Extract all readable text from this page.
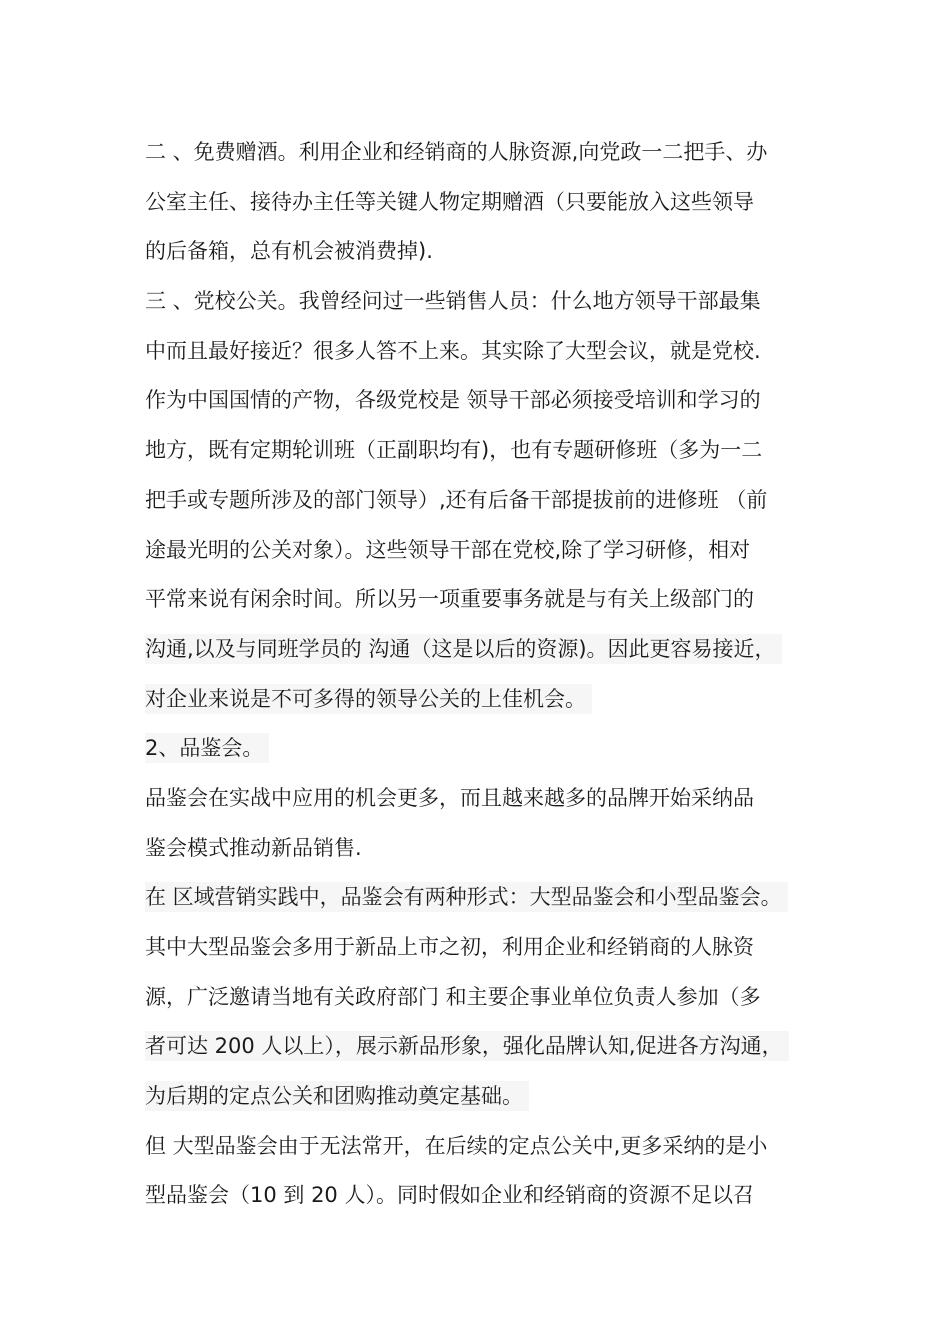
二 、免费赠酒。利用企业和经销商的人脉资源,向党政一二把手、办
公室主任、接待办主任等关键人物定期赠酒（只要能放入这些领导
的后备箱，总有机会被消费掉).
三 、党校公关。我曾经问过一些销售人员：什么地方领导干部最集
中而且最好接近？很多人答不上来。其实除了大型会议，就是党校.
作为中国国情的产物，各级党校是 领导干部必须接受培训和学习的
地方，既有定期轮训班（正副职均有)，也有专题研修班（多为一二
把手或专题所涉及的部门领导）,还有后备干部提拔前的进修班 （前
途最光明的公关对象）。这些领导干部在党校,除了学习研修，相对
平常来说有闲余时间。所以另一项重要事务就是与有关上级部门的
沟通,以及与同班学员的 沟通（这是以后的资源)。因此更容易接近，
对企业来说是不可多得的领导公关的上佳机会。
2、品鉴会。
品鉴会在实战中应用的机会更多，而且越来越多的品牌开始采纳品
鉴会模式推动新品销售.
在 区域营销实践中，品鉴会有两种形式：大型品鉴会和小型品鉴会。
其中大型品鉴会多用于新品上市之初，利用企业和经销商的人脉资
源，广泛邀请当地有关政府部门 和主要企事业单位负责人参加（多
者可达 200 人以上），展示新品形象，强化品牌认知,促进各方沟通，
为后期的定点公关和团购推动奠定基础。
但 大型品鉴会由于无法常开，在后续的定点公关中,更多采纳的是小
型品鉴会（10 到 20 人）。同时假如企业和经销商的资源不足以召
